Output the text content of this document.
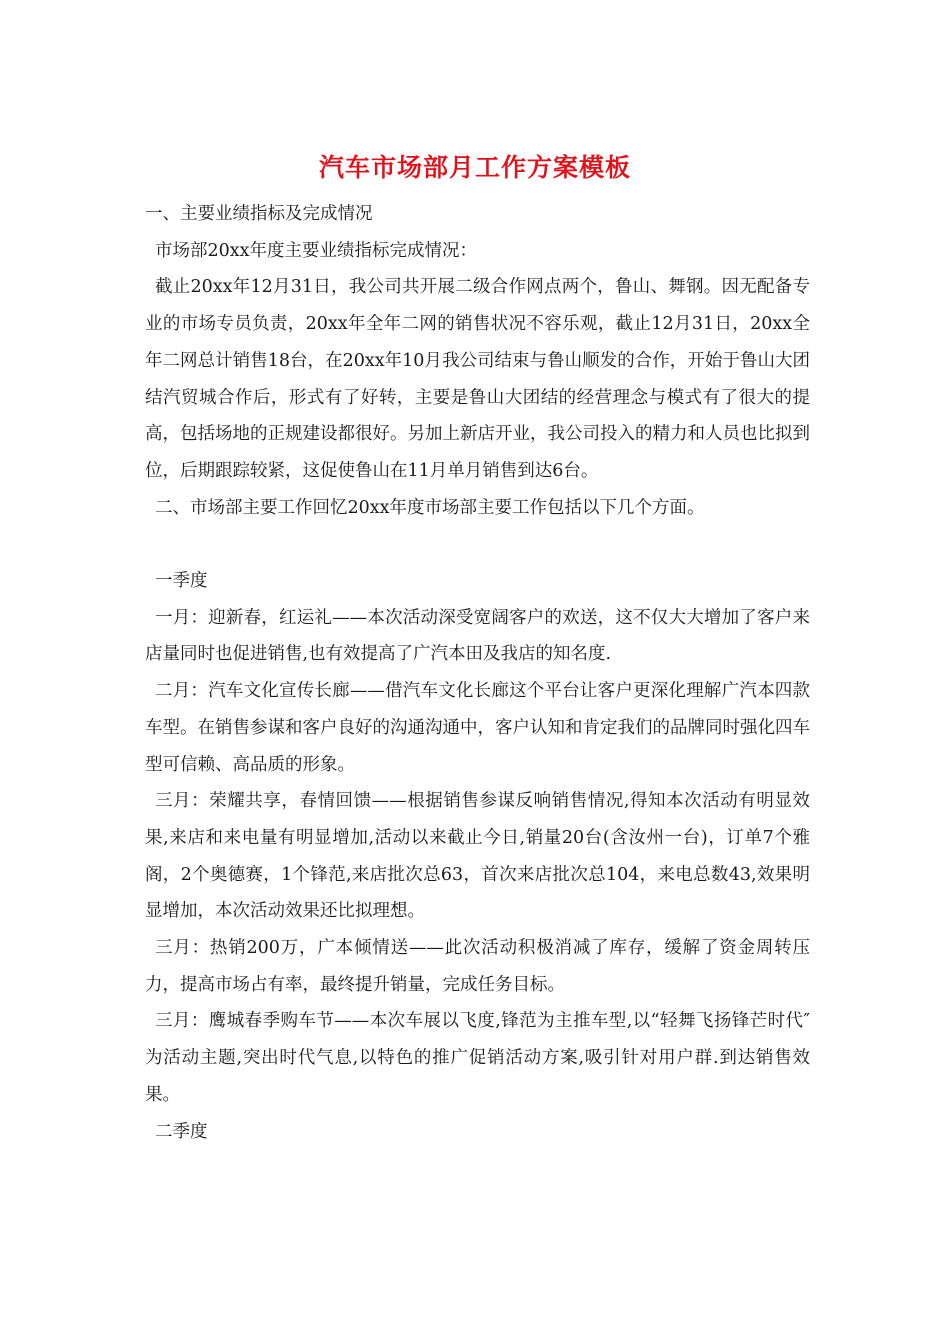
汽车市场部月工作方案模板

一、主要业绩指标及完成情况

市场部20xx年度主要业绩指标完成情况：

截止20xx年12月31日，我公司共开展二级合作网点两个，鲁山、舞钢。因无配备专业的市场专员负责，20xx年全年二网的销售状况不容乐观，截止12月31日，20xx全年二网总计销售18台，在20xx年10月我公司结束与鲁山顺发的合作，开始于鲁山大团结汽贸城合作后，形式有了好转，主要是鲁山大团结的经营理念与模式有了很大的提高，包括场地的正规建设都很好。另加上新店开业，我公司投入的精力和人员也比拟到位，后期跟踪较紧，这促使鲁山在11月单月销售到达6台。

二、市场部主要工作回忆20xx年度市场部主要工作包括以下几个方面。

一季度

一月：迎新春，红运礼——本次活动深受宽阔客户的欢送，这不仅大大增加了客户来店量同时也促进销售,也有效提高了广汽本田及我店的知名度.

二月：汽车文化宣传长廊——借汽车文化长廊这个平台让客户更深化理解广汽本四款车型。在销售参谋和客户良好的沟通沟通中，客户认知和肯定我们的品牌同时强化四车型可信赖、高品质的形象。

三月：荣耀共享，春情回馈——根据销售参谋反响销售情况,得知本次活动有明显效果,来店和来电量有明显增加,活动以来截止今日,销量20台(含汝州一台)，订单7个雅阁，2个奥德赛，1个锋范,来店批次总63，首次来店批次总104，来电总数43,效果明显增加，本次活动效果还比拟理想。

三月：热销200万，广本倾情送——此次活动积极消减了库存，缓解了资金周转压力，提高市场占有率，最终提升销量，完成任务目标。

三月：鹰城春季购车节——本次车展以飞度,锋范为主推车型,以“轻舞飞扬锋芒时代″为活动主题,突出时代气息,以特色的推广促销活动方案,吸引针对用户群.到达销售效果。

二季度
